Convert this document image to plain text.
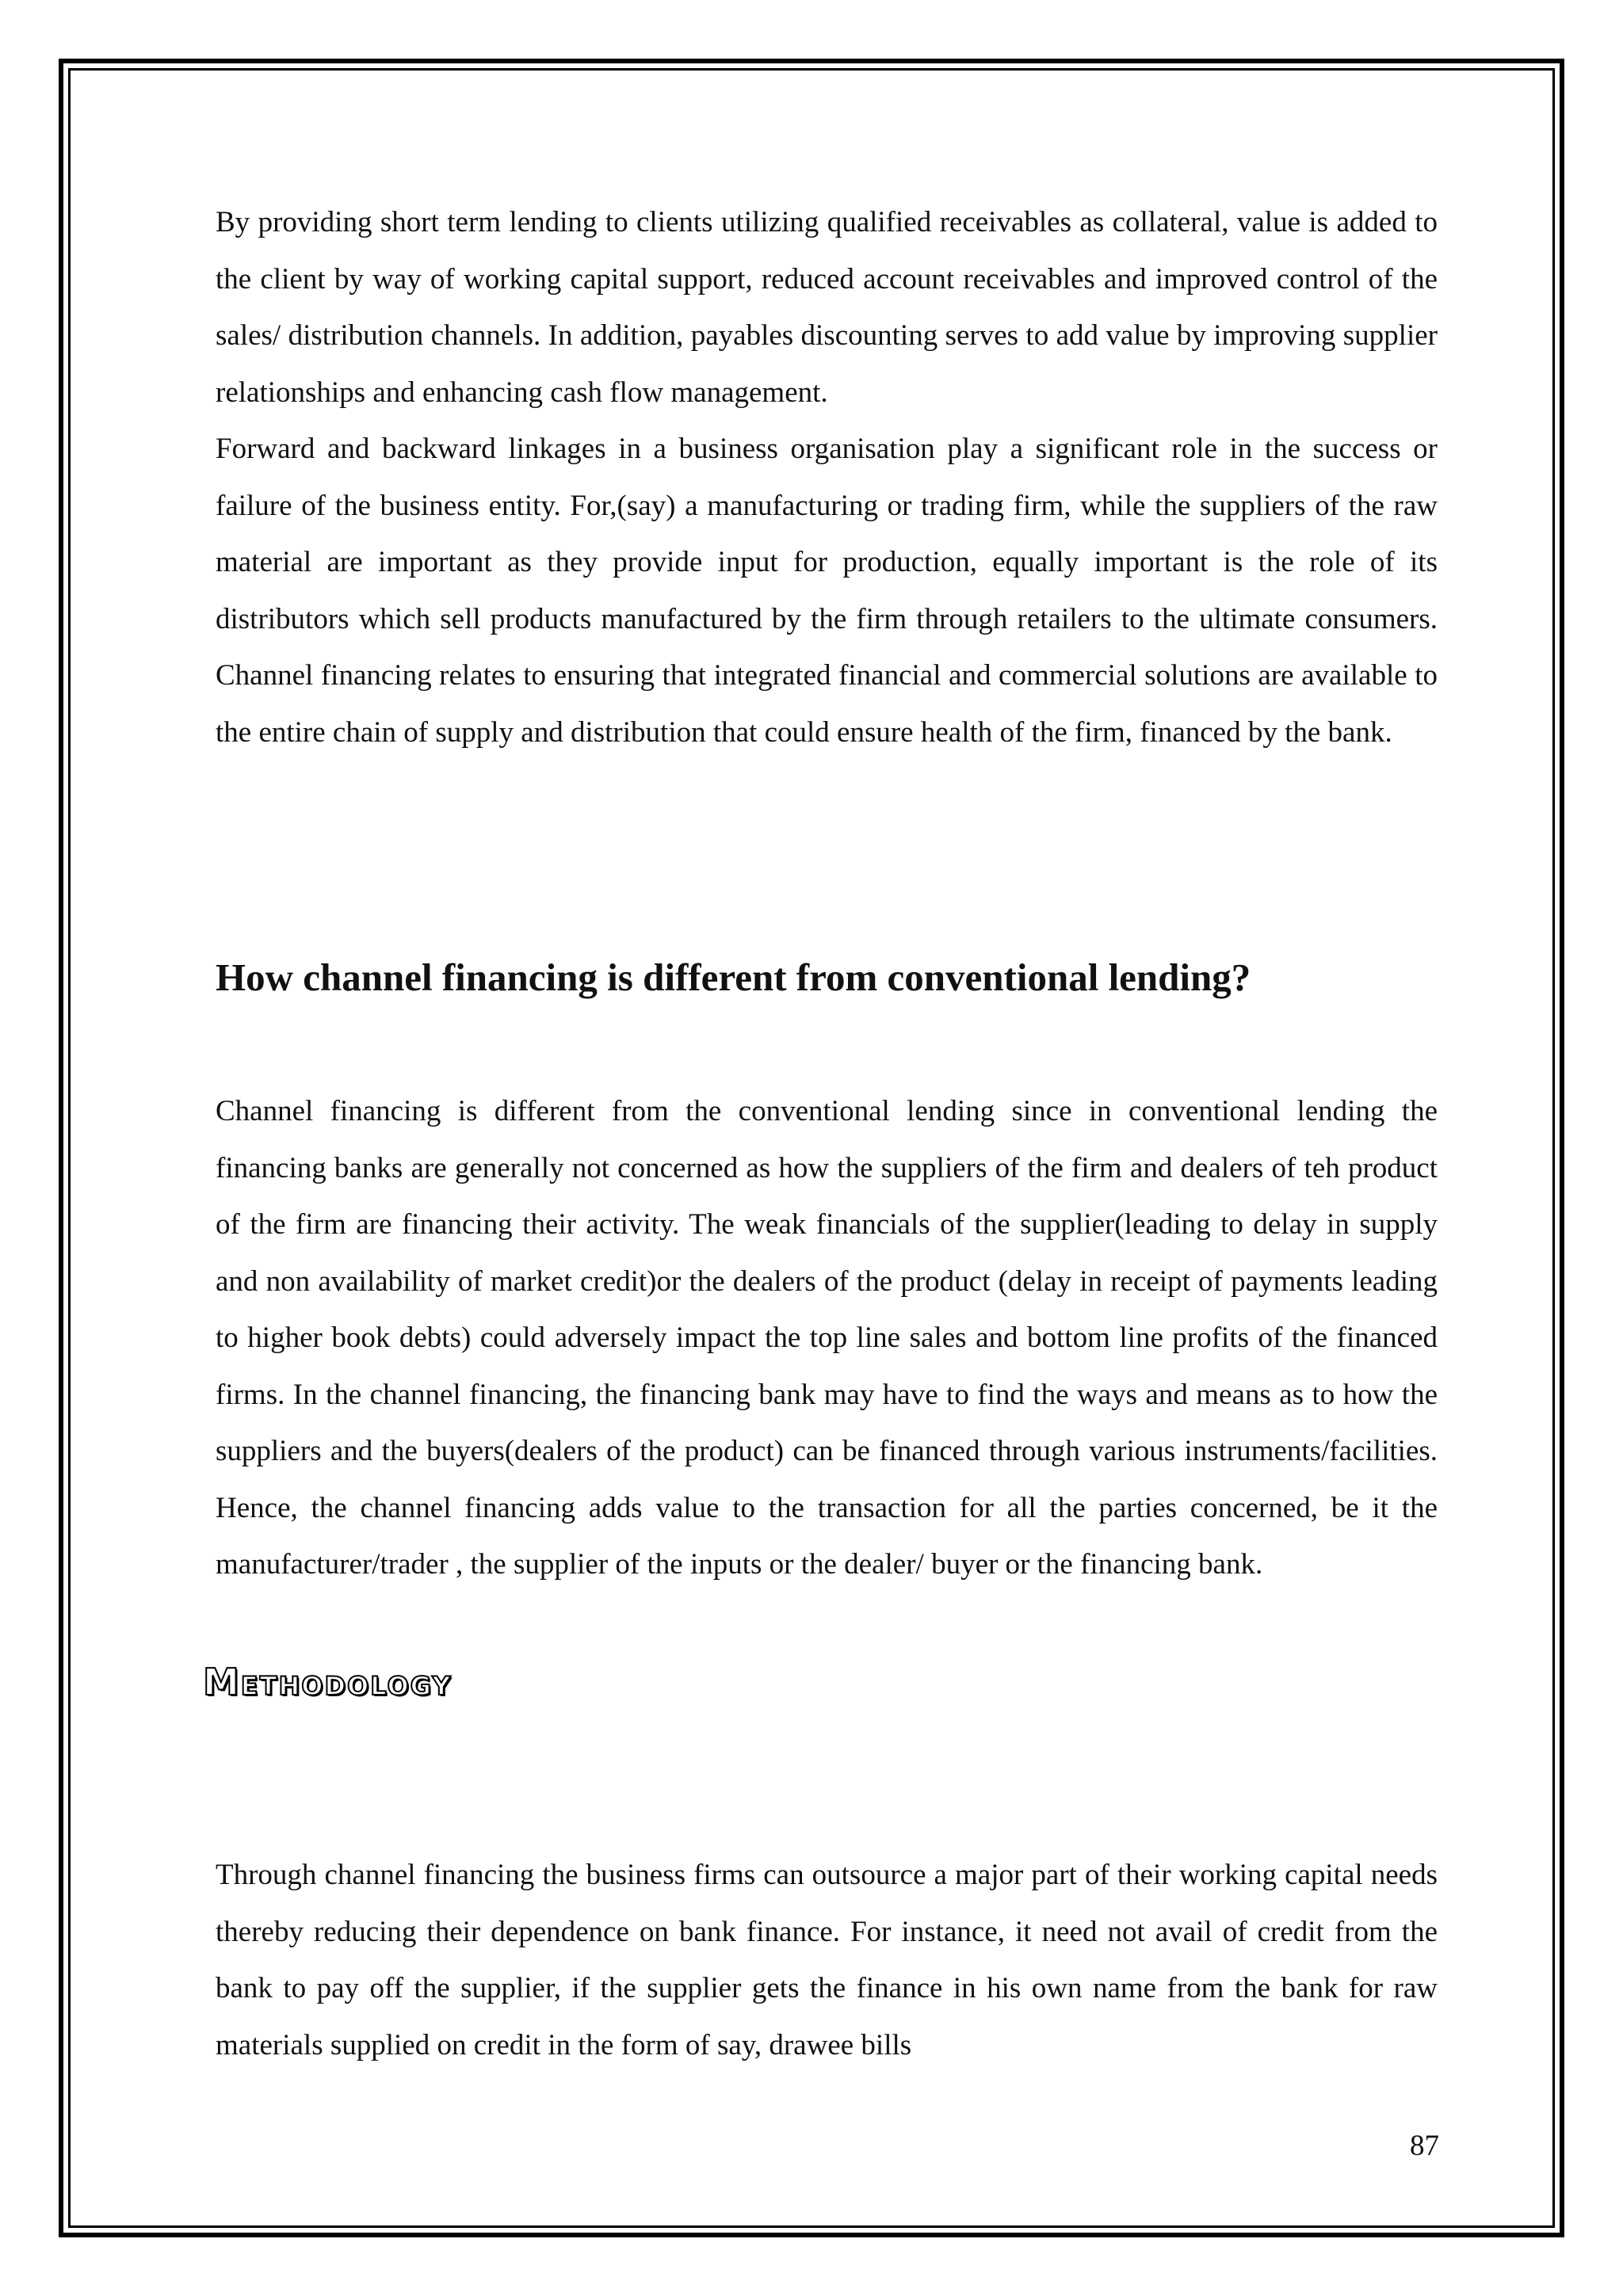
By providing short term lending to clients utilizing qualified receivables as collateral, value is added to the client by way of working capital support, reduced account receivables and improved control of the sales/ distribution channels. In addition, payables discounting serves to add value by improving supplier relationships and enhancing cash flow management.

Forward and backward linkages in a business organisation play a significant role in the success or failure of the business entity. For,(say) a manufacturing or trading firm, while the suppliers of the raw material are important as they provide input for production, equally important is the role of its distributors which sell products manufactured by the firm through retailers to the ultimate consumers. Channel financing relates to ensuring that integrated financial and commercial solutions are available to the entire chain of supply and distribution that could ensure health of the firm, financed by the bank.

How channel financing is different from conventional lending?

Channel financing is different from the conventional lending since in conventional lending the financing banks are generally not concerned as how the suppliers of the firm and dealers of teh product of the firm are financing their activity. The weak financials of the supplier(leading to delay in supply and non availability of market credit)or the dealers of the product (delay in receipt of payments leading to higher book debts) could adversely impact the top line sales and bottom line profits of the financed firms. In the channel financing, the financing bank may have to find the ways and means as to how the suppliers and the buyers(dealers of the product) can be financed through various instruments/facilities. Hence, the channel financing adds value to the transaction for all the parties concerned, be it the manufacturer/trader , the supplier of the inputs or the dealer/ buyer or the financing bank.

Methodology

Through channel financing the business firms can outsource a major part of their working capital needs thereby reducing their dependence on bank finance. For instance, it need not avail of credit from the bank to pay off the supplier, if the supplier gets the finance in his own name from the bank for raw materials supplied on credit in the form of say, drawee bills

87
